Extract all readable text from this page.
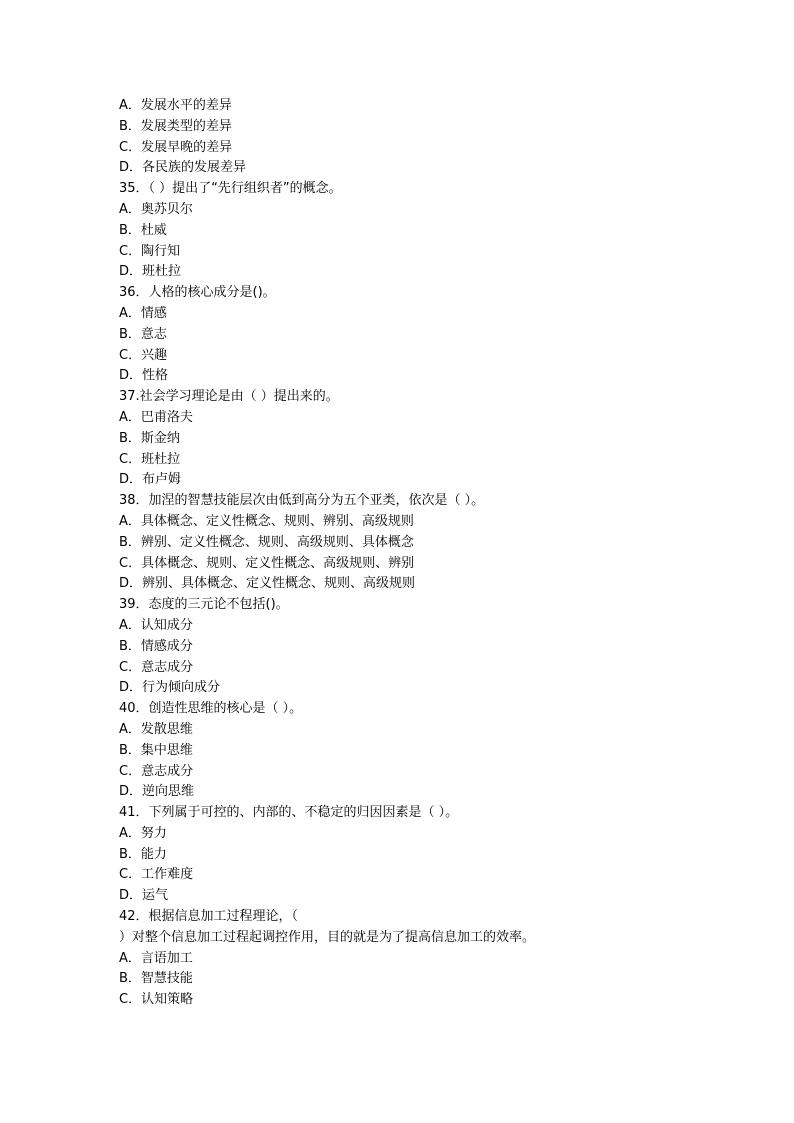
A．发展水平的差异
B．发展类型的差异
C．发展早晚的差异
D．各民族的发展差异
35．（ ）提出了“先行组织者”的概念。
A．奥苏贝尔
B．杜威
C．陶行知
D．班杜拉
36．人格的核心成分是()。
A．情感
B．意志
C．兴趣
D．性格
37.社会学习理论是由（ ）提出来的。
A．巴甫洛夫
B．斯金纳
C．班杜拉
D．布卢姆
38．加涅的智慧技能层次由低到高分为五个亚类，依次是（ ）。
A．具体概念、定义性概念、规则、辨别、高级规则
B．辨别、定义性概念、规则、高级规则、具体概念
C．具体概念、规则、定义性概念、高级规则、辨别
D．辨别、具体概念、定义性概念、规则、高级规则
39．态度的三元论不包括()。
A．认知成分
B．情感成分
C．意志成分
D．行为倾向成分
40．创造性思维的核心是（ ）。
A．发散思维
B．集中思维
C．意志成分
D．逆向思维
41．下列属于可控的、内部的、不稳定的归因因素是（ ）。
A．努力
B．能力
C．工作难度
D．运气
42．根据信息加工过程理论，（
）对整个信息加工过程起调控作用，目的就是为了提高信息加工的效率。
A．言语加工
B．智慧技能
C．认知策略
